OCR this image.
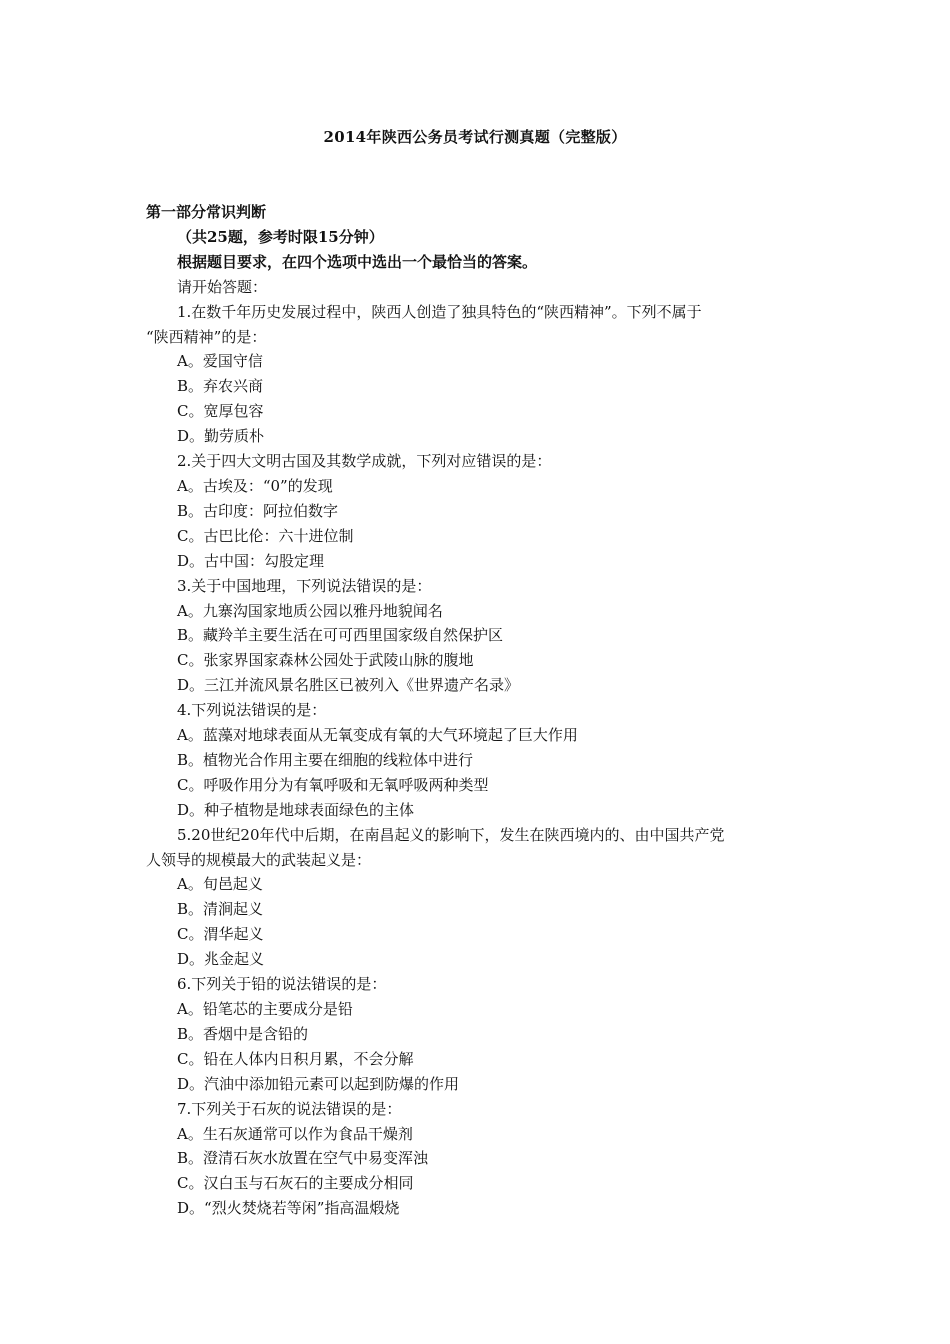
2014年陕西公务员考试行测真题（完整版）
第一部分常识判断
（共25题，参考时限15分钟）
根据题目要求，在四个选项中选出一个最恰当的答案。
请开始答题：
1.在数千年历史发展过程中，陕西人创造了独具特色的“陕西精神”。下列不属于
“陕西精神”的是：
A。爱国守信
B。弃农兴商
C。宽厚包容
D。勤劳质朴
2.关于四大文明古国及其数学成就，下列对应错误的是：
A。古埃及：“0”的发现
B。古印度：阿拉伯数字
C。古巴比伦：六十进位制
D。古中国：勾股定理
3.关于中国地理，下列说法错误的是：
A。九寨沟国家地质公园以雅丹地貌闻名
B。藏羚羊主要生活在可可西里国家级自然保护区
C。张家界国家森林公园处于武陵山脉的腹地
D。三江并流风景名胜区已被列入《世界遗产名录》
4.下列说法错误的是：
A。蓝藻对地球表面从无氧变成有氧的大气环境起了巨大作用
B。植物光合作用主要在细胞的线粒体中进行
C。呼吸作用分为有氧呼吸和无氧呼吸两种类型
D。种子植物是地球表面绿色的主体
5.20世纪20年代中后期，在南昌起义的影响下，发生在陕西境内的、由中国共产党
人领导的规模最大的武装起义是：
A。旬邑起义
B。清涧起义
C。渭华起义
D。兆金起义
6.下列关于铅的说法错误的是：
A。铅笔芯的主要成分是铅
B。香烟中是含铅的
C。铅在人体内日积月累，不会分解
D。汽油中添加铅元素可以起到防爆的作用
7.下列关于石灰的说法错误的是：
A。生石灰通常可以作为食品干燥剂
B。澄清石灰水放置在空气中易变浑浊
C。汉白玉与石灰石的主要成分相同
D。“烈火焚烧若等闲”指高温煅烧
